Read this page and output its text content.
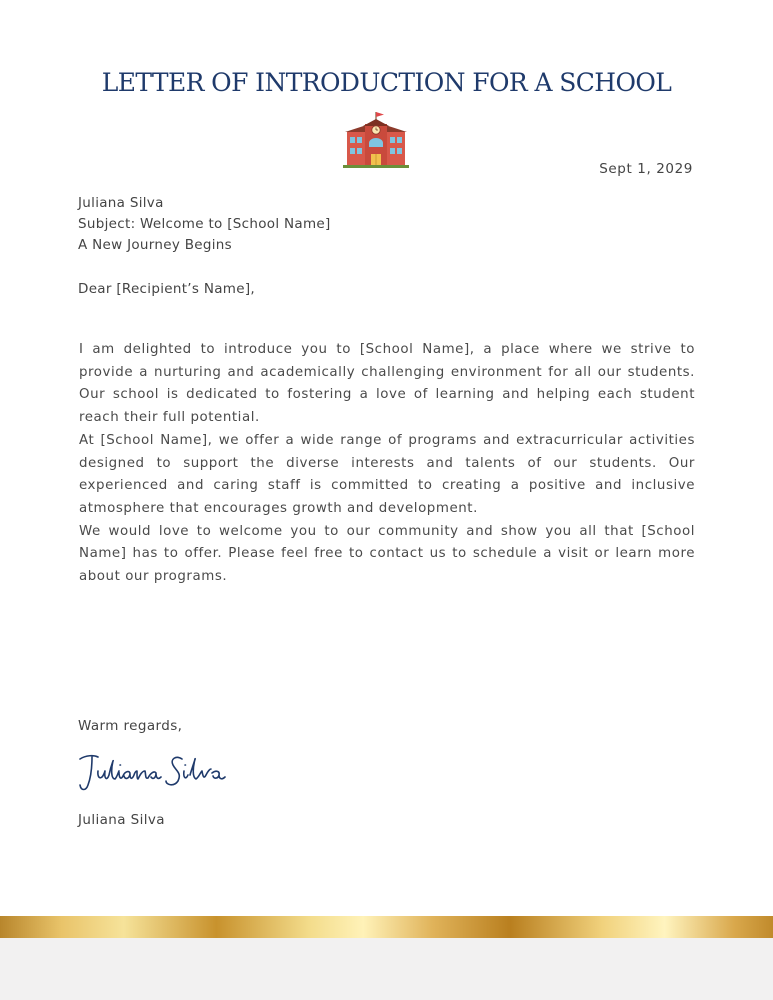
LETTER OF INTRODUCTION FOR A SCHOOL
Sept 1, 2029
Juliana Silva
Subject: Welcome to [School Name]
A New Journey Begins
Dear [Recipient’s Name],

I am delighted to introduce you to [School Name], a place where we strive to provide a nurturing and academically challenging environment for all our students. Our school is dedicated to fostering a love of learning and helping each student reach their full potential.

At [School Name], we offer a wide range of programs and extracurricular activities designed to support the diverse interests and talents of our students. Our experienced and caring staff is committed to creating a positive and inclusive atmosphere that encourages growth and development.

We would love to welcome you to our community and show you all that [School Name] has to offer. Please feel free to contact us to schedule a visit or learn more about our programs.

Warm regards,
Juliana Silva
